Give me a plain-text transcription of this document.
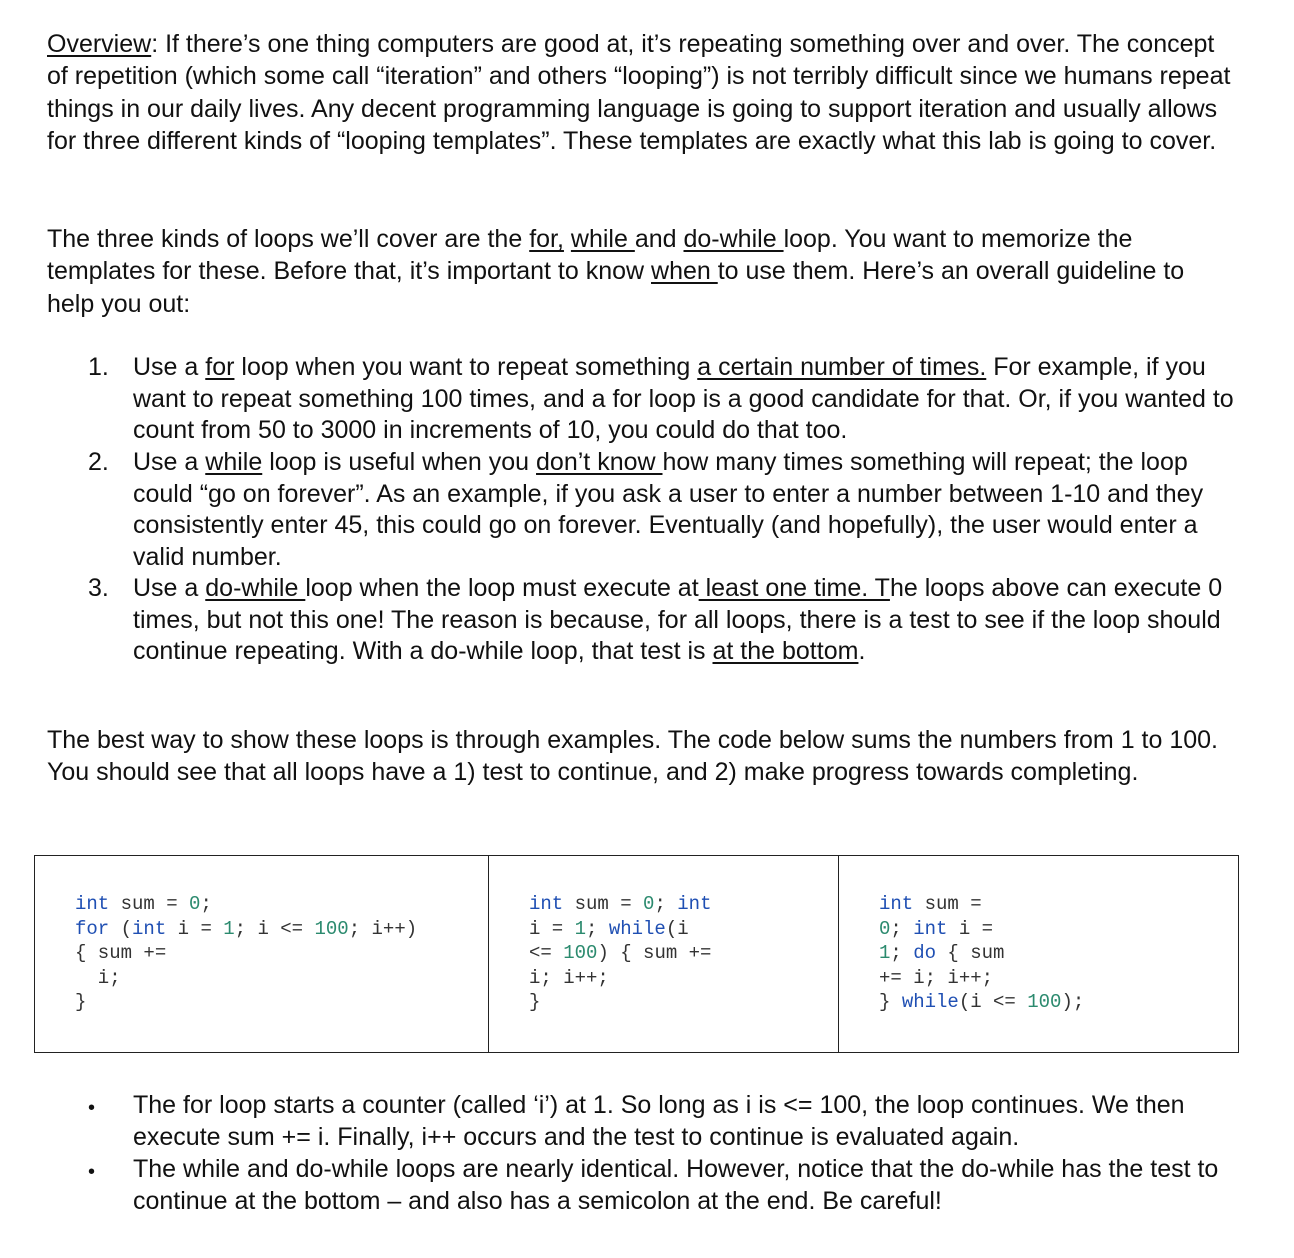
Overview: If there’s one thing computers are good at, it’s repeating something over and over. The concept of repetition (which some call “iteration” and others “looping”) is not terribly difficult since we humans repeat things in our daily lives. Any decent programming language is going to support iteration and usually allows for three different kinds of “looping templates”. These templates are exactly what this lab is going to cover.

The three kinds of loops we’ll cover are the for, while and do-while loop. You want to memorize the templates for these. Before that, it’s important to know when to use them. Here’s an overall guideline to help you out:

1. Use a for loop when you want to repeat something a certain number of times. For example, if you want to repeat something 100 times, and a for loop is a good candidate for that. Or, if you wanted to count from 50 to 3000 in increments of 10, you could do that too.

2. Use a while loop is useful when you don’t know how many times something will repeat; the loop could “go on forever”. As an example, if you ask a user to enter a number between 1-10 and they consistently enter 45, this could go on forever. Eventually (and hopefully), the user would enter a valid number.

3. Use a do-while loop when the loop must execute at least one time. The loops above can execute 0 times, but not this one! The reason is because, for all loops, there is a test to see if the loop should continue repeating. With a do-while loop, that test is at the bottom.

The best way to show these loops is through examples. The code below sums the numbers from 1 to 100. You should see that all loops have a 1) test to continue, and 2) make progress towards completing.

int sum = 0;
for (int i = 1; i <= 100; i++)
{ sum +=
i;
}
int sum = 0; int
i = 1; while(i
<= 100) { sum +=
i; i++;
}
int sum =
0; int i =
1; do { sum
+= i; i++;
} while(i <= 100);
• The for loop starts a counter (called ‘i’) at 1. So long as i is <= 100, the loop continues. We then execute sum += i. Finally, i++ occurs and the test to continue is evaluated again.

• The while and do-while loops are nearly identical. However, notice that the do-while has the test to continue at the bottom – and also has a semicolon at the end. Be careful!
